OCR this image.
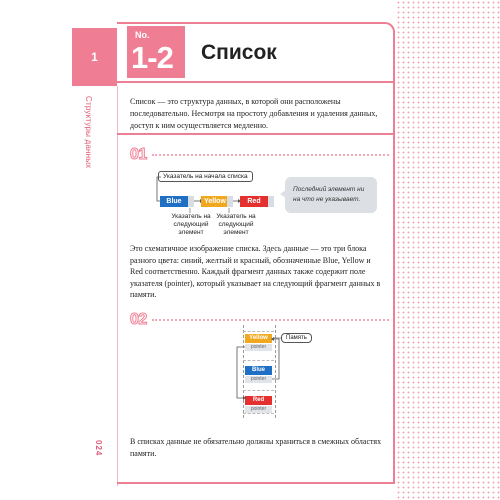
1
Структуры данных
024
No.
1-2 Список
Список — это структура данных, в которой они расположены последовательно. Несмотря на простоту добавления и удаления данных, доступ к ним осуществляется медленно.
01
Указатель на начала списка
Blue	Yellow	Red
Указатель на следующий элемент
Указатель на следующий элемент
Последний элемент ни на что не указывает.
Это схематичное изображение списка. Здесь данные — это три блока разного цвета: синий, желтый и красный, обозначенные Blue, Yellow и Red соответственно. Каждый фрагмент данных также содержит поле указателя (pointer), который указывает на следующий фрагмент данных в памяти.
02
Yellow
pointer
Blue
pointer
Red
pointer
Память
В списках данные не обязательно должны храниться в смежных областях памяти.
